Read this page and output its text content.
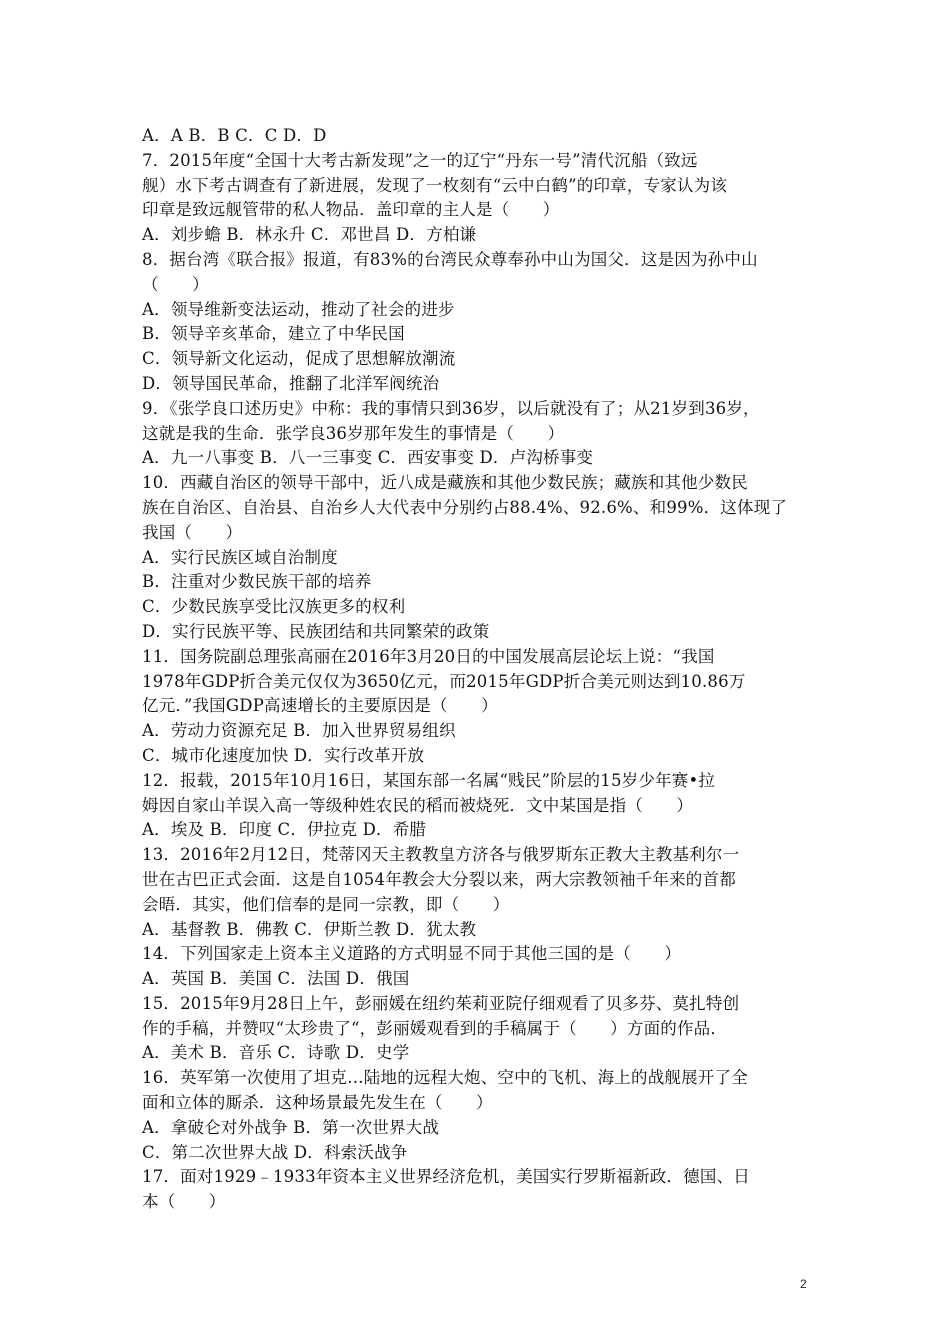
A．A B．B C．C D．D
7．2015年度“全国十大考古新发现”之一的辽宁“丹东一号”清代沉船（致远
舰）水下考古调查有了新进展，发现了一枚刻有“云中白鹤”的印章，专家认为该
印章是致远舰管带的私人物品．盖印章的主人是（　　）
A．刘步蟾 B．林永升 C．邓世昌 D．方柏谦
8．据台湾《联合报》报道，有83%的台湾民众尊奉孙中山为国父．这是因为孙中山
（　　）
A．领导维新变法运动，推动了社会的进步
B．领导辛亥革命，建立了中华民国
C．领导新文化运动，促成了思想解放潮流
D．领导国民革命，推翻了北洋军阀统治
9．《张学良口述历史》中称：我的事情只到36岁，以后就没有了；从21岁到36岁，
这就是我的生命．张学良36岁那年发生的事情是（　　）
A．九一八事变 B．八一三事变 C．西安事变 D．卢沟桥事变
10．西藏自治区的领导干部中，近八成是藏族和其他少数民族；藏族和其他少数民
族在自治区、自治县、自治乡人大代表中分别约占88.4%、92.6%、和99%．这体现了
我国（　　）
A．实行民族区域自治制度
B．注重对少数民族干部的培养
C．少数民族享受比汉族更多的权利
D．实行民族平等、民族团结和共同繁荣的政策
11．国务院副总理张高丽在2016年3月20日的中国发展高层论坛上说：“我国
1978年GDP折合美元仅仅为3650亿元，而2015年GDP折合美元则达到10.86万
亿元．”我国GDP高速增长的主要原因是（　　）
A．劳动力资源充足 B．加入世界贸易组织
C．城市化速度加快 D．实行改革开放
12．报载，2015年10月16日，某国东部一名属“贱民”阶层的15岁少年赛•拉
姆因自家山羊误入高一等级种姓农民的稻而被烧死．文中某国是指（　　）
A．埃及 B．印度 C．伊拉克 D．希腊
13．2016年2月12日，梵蒂冈天主教教皇方济各与俄罗斯东正教大主教基利尔一
世在古巴正式会面．这是自1054年教会大分裂以来，两大宗教领袖千年来的首都
会晤．其实，他们信奉的是同一宗教，即（　　）
A．基督教 B．佛教 C．伊斯兰教 D．犹太教
14．下列国家走上资本主义道路的方式明显不同于其他三国的是（　　）
A．英国 B．美国 C．法国 D．俄国
15．2015年9月28日上午，彭丽媛在纽约茱莉亚院仔细观看了贝多芬、莫扎特创
作的手稿，并赞叹“太珍贵了“，彭丽媛观看到的手稿属于（　　）方面的作品．
A．美术 B．音乐 C．诗歌 D．史学
16．英军第一次使用了坦克…陆地的远程大炮、空中的飞机、海上的战舰展开了全
面和立体的厮杀．这种场景最先发生在（　　）
A．拿破仑对外战争 B．第一次世界大战
C．第二次世界大战 D．科索沃战争
17．面对1929﹣1933年资本主义世界经济危机，美国实行罗斯福新政．德国、日
本（　　）
2
